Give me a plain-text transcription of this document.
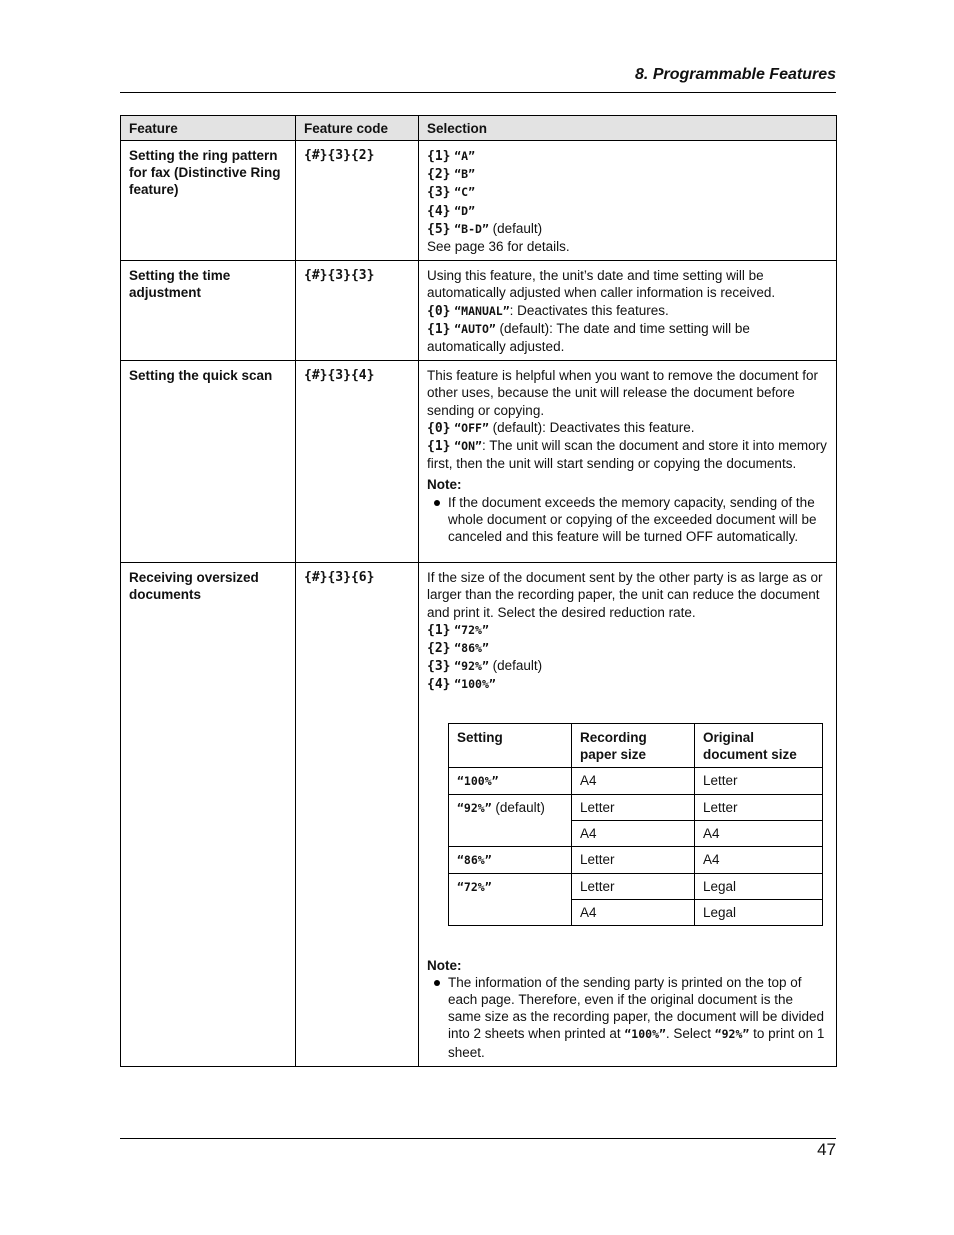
8. Programmable Features
Feature	Feature code	Selection
Setting the ring pattern for fax (Distinctive Ring feature)	{#}{3}{2}	{1} “A”
{2} “B”
{3} “C”
{4} “D”
{5} “B-D” (default)
See page 36 for details.

Setting the time adjustment	{#}{3}{3}	Using this feature, the unit’s date and time setting will be automatically adjusted when caller information is received.
{0} “MANUAL”: Deactivates this features.
{1} “AUTO” (default): The date and time setting will be automatically adjusted.

Setting the quick scan	{#}{3}{4}	This feature is helpful when you want to remove the document for other uses, because the unit will release the document before sending or copying.
{0} “OFF” (default): Deactivates this feature.
{1} “ON”: The unit will scan the document and store it into memory first, then the unit will start sending or copying the documents.
Note:
If the document exceeds the memory capacity, sending of the whole document or copying of the exceeded document will be canceled and this feature will be turned OFF automatically.

Receiving oversized documents	{#}{3}{6}	If the size of the document sent by the other party is as large as or larger than the recording paper, the unit can reduce the document and print it. Select the desired reduction rate.
{1} “72%”
{2} “86%”
{3} “92%” (default)
{4} “100%”
Setting	Recording paper size	Original document size
“100%”	A4	Letter
“92%” (default)	Letter	Letter
A4	A4
“86%”	Letter	A4
“72%”	Letter	Legal
A4	Legal
Note:
The information of the sending party is printed on the top of each page. Therefore, even if the original document is the same size as the recording paper, the document will be divided into 2 sheets when printed at “100%”. Select “92%” to print on 1 sheet.
47
